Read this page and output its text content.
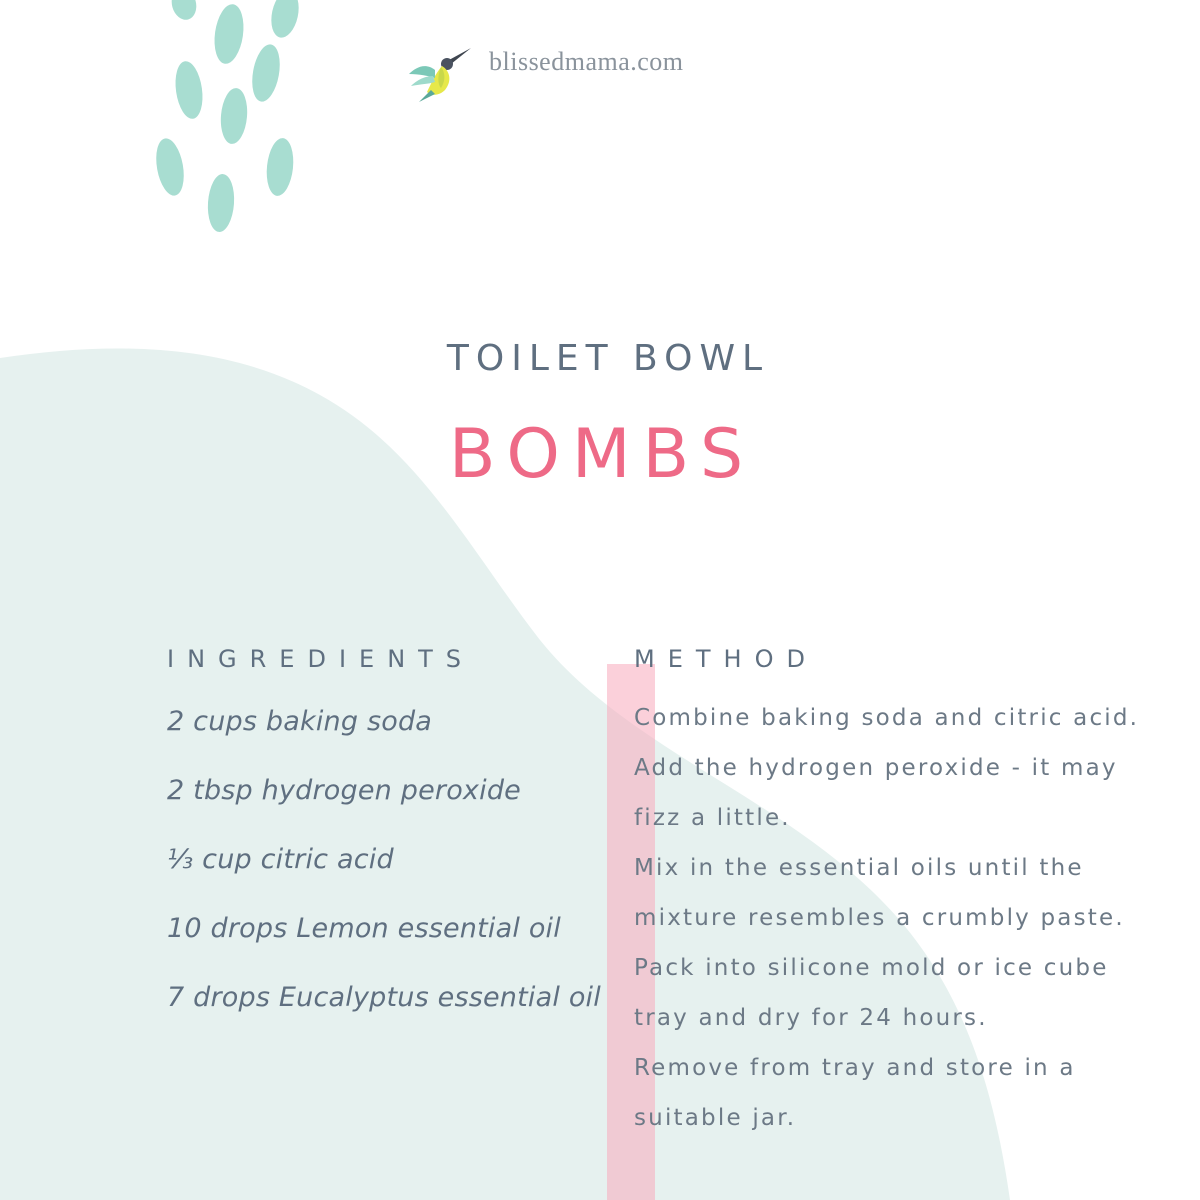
blissedmama.com
TOILET BOWL
BOMBS
INGREDIENTS
2 cups baking soda
2 tbsp hydrogen peroxide
⅓ cup citric acid
10 drops Lemon essential oil
7 drops Eucalyptus essential oil
METHOD
Combine baking soda and citric acid.
Add the hydrogen peroxide - it may
fizz a little.
Mix in the essential oils until the
mixture resembles a crumbly paste.
Pack into silicone mold or ice cube
tray and dry for 24 hours.
Remove from tray and store in a
suitable jar.
